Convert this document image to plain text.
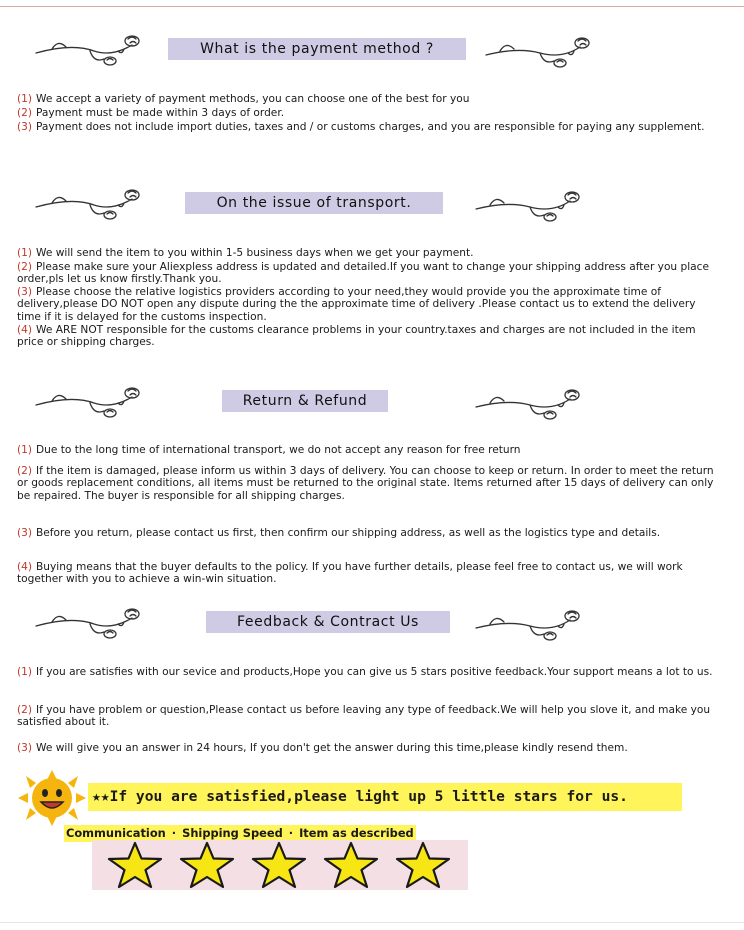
What is the payment method ?
(1) We accept a variety of payment methods, you can choose one of the best for you
(2) Payment must be made within 3 days of order.
(3) Payment does not include import duties, taxes and / or customs charges, and you are responsible for paying any supplement.
On the issue of transport.
(1) We will send the item to you within 1-5 business days when we get your payment.
(2) Please make sure your Aliexpless address is updated and detailed.If you want to change your shipping address after you place order,pls let us know firstly.Thank you.
(3) Please choose the relative logistics providers according to your need,they would provide you the approximate time of delivery,please DO NOT open any dispute during the the approximate time of delivery .Please contact us to extend the delivery time if it is delayed for the customs inspection.
(4) We ARE NOT responsible for the customs clearance problems in your country.taxes and charges are not included in the item price or shipping charges.
Return & Refund
(1) Due to the long time of international transport, we do not accept any reason for free return
(2) If the item is damaged, please inform us within 3 days of delivery. You can choose to keep or return. In order to meet the return or goods replacement conditions, all items must be returned to the original state. Items returned after 15 days of delivery can only be repaired. The buyer is responsible for all shipping charges.
(3) Before you return, please contact us first, then confirm our shipping address, as well as the logistics type and details.
(4) Buying means that the buyer defaults to the policy. If you have further details, please feel free to contact us, we will work together with you to achieve a win-win situation.
Feedback & Contract Us
(1) If you are satisfies with our sevice and products,Hope you can give us 5 stars positive feedback.Your support means a lot to us.
(2) If you have problem or question,Please contact us before leaving any type of feedback.We will help you slove it, and make you satisfied about it.
(3) We will give you an answer in 24 hours, If you don't get the answer during this time,please kindly resend them.
★★If you are satisfied,please light up 5 little stars for us.
Communication · Shipping Speed · Item as described
